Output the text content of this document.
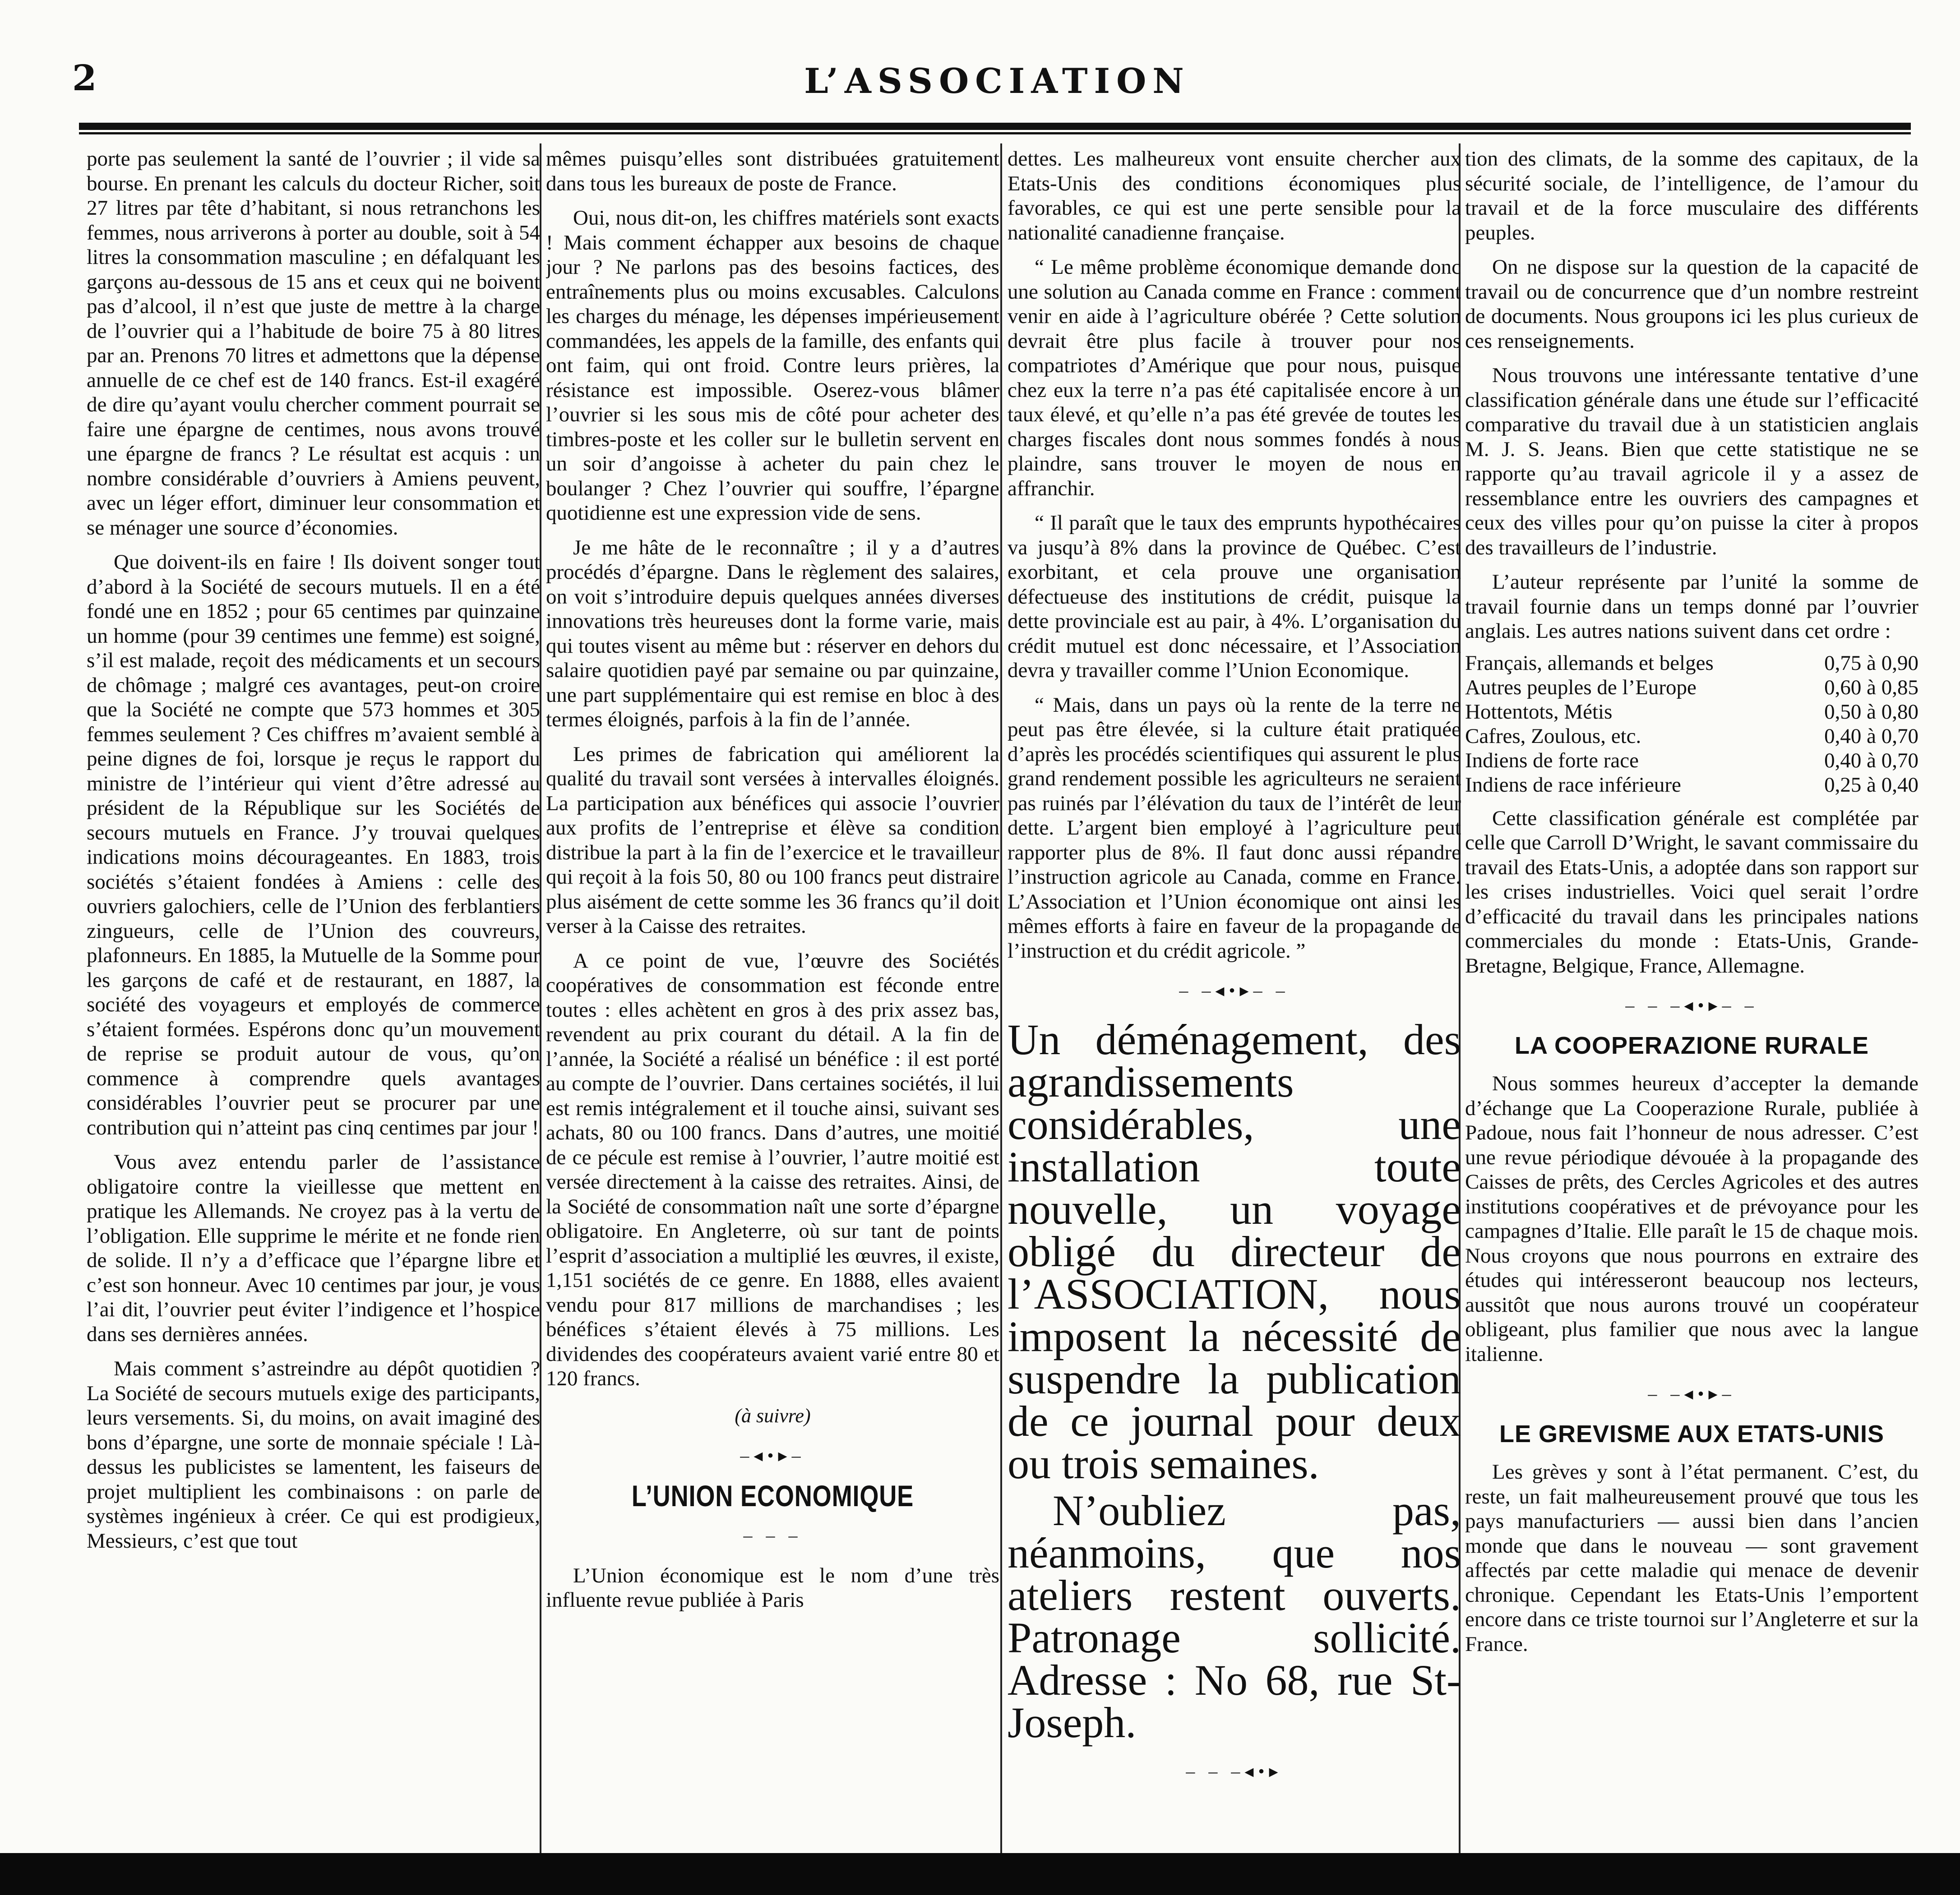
2	L’ASSOCIATION

porte pas seulement la santé de l’ouvrier ; il vide sa bourse. En prenant les calculs du docteur Richer, soit 27 litres par tête d’habitant, si nous retranchons les femmes, nous arriverons à porter au double, soit à 54 litres la consommation masculine ; en défalquant les garçons au-dessous de 15 ans et ceux qui ne boivent pas d’alcool, il n’est que juste de mettre à la charge de l’ouvrier qui a l’habitude de boire 75 à 80 litres par an. Prenons 70 litres et admettons que la dépense annuelle de ce chef est de 140 francs. Est-il exagéré de dire qu’ayant voulu chercher comment pourrait se faire une épargne de centimes, nous avons trouvé une épargne de francs ? Le résultat est acquis : un nombre considérable d’ouvriers à Amiens peuvent, avec un léger effort, diminuer leur consommation et se ménager une source d’économies.

Que doivent-ils en faire ! Ils doivent songer tout d’abord à la Société de secours mutuels. Il en a été fondé une en 1852 ; pour 65 centimes par quinzaine un homme (pour 39 centimes une femme) est soigné, s’il est malade, reçoit des médicaments et un secours de chômage ; malgré ces avantages, peut-on croire que la Société ne compte que 573 hommes et 305 femmes seulement ? Ces chiffres m’avaient semblé à peine dignes de foi, lorsque je reçus le rapport du ministre de l’intérieur qui vient d’être adressé au président de la République sur les Sociétés de secours mutuels en France. J’y trouvai quelques indications moins décourageantes. En 1883, trois sociétés s’étaient fondées à Amiens : celle des ouvriers galochiers, celle de l’Union des ferblantiers zingueurs, celle de l’Union des couvreurs, plafonneurs. En 1885, la Mutuelle de la Somme pour les garçons de café et de restaurant, en 1887, la société des voyageurs et employés de commerce s’étaient formées. Espérons donc qu’un mouvement de reprise se produit autour de vous, qu’on commence à comprendre quels avantages considérables l’ouvrier peut se procurer par une contribution qui n’atteint pas cinq centimes par jour !

Vous avez entendu parler de l’assistance obligatoire contre la vieillesse que mettent en pratique les Allemands. Ne croyez pas à la vertu de l’obligation. Elle supprime le mérite et ne fonde rien de solide. Il n’y a d’efficace que l’épargne libre et c’est son honneur. Avec 10 centimes par jour, je vous l’ai dit, l’ouvrier peut éviter l’indigence et l’hospice dans ses dernières années.

Mais comment s’astreindre au dépôt quotidien ? La Société de secours mutuels exige des participants, leurs versements. Si, du moins, on avait imaginé des bons d’épargne, une sorte de monnaie spéciale ! Là-dessus les publicistes se lamentent, les faiseurs de projet multiplient les combinaisons : on parle de systèmes ingénieux à créer. Ce qui est prodigieux, Messieurs, c’est que tout

mêmes puisqu’elles sont distribuées gratuitement dans tous les bureaux de poste de France.

Oui, nous dit-on, les chiffres matériels sont exacts ! Mais comment échapper aux besoins de chaque jour ? Ne parlons pas des besoins factices, des entraînements plus ou moins excusables. Calculons les charges du ménage, les dépenses impérieusement commandées, les appels de la famille, des enfants qui ont faim, qui ont froid. Contre leurs prières, la résistance est impossible. Oserez-vous blâmer l’ouvrier si les sous mis de côté pour acheter des timbres-poste et les coller sur le bulletin servent en un soir d’angoisse à acheter du pain chez le boulanger ? Chez l’ouvrier qui souffre, l’épargne quotidienne est une expression vide de sens.

Je me hâte de le reconnaître ; il y a d’autres procédés d’épargne. Dans le règlement des salaires, on voit s’introduire depuis quelques années diverses innovations très heureuses dont la forme varie, mais qui toutes visent au même but : réserver en dehors du salaire quotidien payé par semaine ou par quinzaine, une part supplémentaire qui est remise en bloc à des termes éloignés, parfois à la fin de l’année.

Les primes de fabrication qui améliorent la qualité du travail sont versées à intervalles éloignés. La participation aux bénéfices qui associe l’ouvrier aux profits de l’entreprise et élève sa condition distribue la part à la fin de l’exercice et le travailleur qui reçoit à la fois 50, 80 ou 100 francs peut distraire plus aisément de cette somme les 36 francs qu’il doit verser à la Caisse des retraites.

A ce point de vue, l’œuvre des Sociétés coopératives de consommation est féconde entre toutes : elles achètent en gros à des prix assez bas, revendent au prix courant du détail. A la fin de l’année, la Société a réalisé un bénéfice : il est porté au compte de l’ouvrier. Dans certaines sociétés, il lui est remis intégralement et il touche ainsi, suivant ses achats, 80 ou 100 francs. Dans d’autres, une moitié de ce pécule est remise à l’ouvrier, l’autre moitié est versée directement à la caisse des retraites. Ainsi, de la Société de consommation naît une sorte d’épargne obligatoire. En Angleterre, où sur tant de points l’esprit d’association a multiplié les œuvres, il existe, 1,151 sociétés de ce genre. En 1888, elles avaient vendu pour 817 millions de marchandises ; les bénéfices s’étaient élevés à 75 millions. Les dividendes des coopérateurs avaient varié entre 80 et 120 francs.

(à suivre)
–◂•▸–
L’UNION ECONOMIQUE
– – –

L’Union économique est le nom d’une très influente revue publiée à Paris

dettes. Les malheureux vont ensuite chercher aux Etats-Unis des conditions économiques plus favorables, ce qui est une perte sensible pour la nationalité canadienne française.

“ Le même problème économique demande donc une solution au Canada comme en France : comment venir en aide à l’agriculture obérée ? Cette solution devrait être plus facile à trouver pour nos compatriotes d’Amérique que pour nous, puisque chez eux la terre n’a pas été capitalisée encore à un taux élevé, et qu’elle n’a pas été grevée de toutes les charges fiscales dont nous sommes fondés à nous plaindre, sans trouver le moyen de nous en affranchir.

“ Il paraît que le taux des emprunts hypothécaires va jusqu’à 8% dans la province de Québec. C’est exorbitant, et cela prouve une organisation défectueuse des institutions de crédit, puisque la dette provinciale est au pair, à 4%. L’organisation du crédit mutuel est donc nécessaire, et l’Association devra y travailler comme l’Union Economique.

“ Mais, dans un pays où la rente de la terre ne peut pas être élevée, si la culture était pratiquée d’après les procédés scientifiques qui assurent le plus grand rendement possible les agriculteurs ne seraient pas ruinés par l’élévation du taux de l’intérêt de leur dette. L’argent bien employé à l’agriculture peut rapporter plus de 8%. Il faut donc aussi répandre l’instruction agricole au Canada, comme en France. L’Association et l’Union économique ont ainsi les mêmes efforts à faire en faveur de la propagande de l’instruction et du crédit agricole. ”

– –◂•▸– –

Un déménagement, des agrandissements considérables, une installation toute nouvelle, un voyage obligé du directeur de l’ASSOCIATION, nous imposent la nécessité de suspendre la publication de ce journal pour deux ou trois semaines.

N’oubliez pas, néanmoins, que nos ateliers restent ouverts. Patronage sollicité. Adresse : No 68, rue St-Joseph.

– – –◂•▸

tion des climats, de la somme des capitaux, de la sécurité sociale, de l’intelligence, de l’amour du travail et de la force musculaire des différents peuples.

On ne dispose sur la question de la capacité de travail ou de concurrence que d’un nombre restreint de documents. Nous groupons ici les plus curieux de ces renseignements.

Nous trouvons une intéressante tentative d’une classification générale dans une étude sur l’efficacité comparative du travail due à un statisticien anglais M. J. S. Jeans. Bien que cette statistique ne se rapporte qu’au travail agricole il y a assez de ressemblance entre les ouvriers des campagnes et ceux des villes pour qu’on puisse la citer à propos des travailleurs de l’industrie.

L’auteur représente par l’unité la somme de travail fournie dans un temps donné par l’ouvrier anglais. Les autres nations suivent dans cet ordre :

Français, allemands et belges	0,75 à 0,90
Autres peuples de l’Europe	0,60 à 0,85
Hottentots, Métis	0,50 à 0,80
Cafres, Zoulous, etc.	0,40 à 0,70
Indiens de forte race	0,40 à 0,70
Indiens de race inférieure	0,25 à 0,40

Cette classification générale est complétée par celle que Carroll D’Wright, le savant commissaire du travail des Etats-Unis, a adoptée dans son rapport sur les crises industrielles. Voici quel serait l’ordre d’efficacité du travail dans les principales nations commerciales du monde : Etats-Unis, Grande-Bretagne, Belgique, France, Allemagne.

– – –◂•▸– –
LA COOPERAZIONE RURALE

Nous sommes heureux d’accepter la demande d’échange que La Cooperazione Rurale, publiée à Padoue, nous fait l’honneur de nous adresser. C’est une revue périodique dévouée à la propagande des Caisses de prêts, des Cercles Agricoles et des autres institutions coopératives et de prévoyance pour les campagnes d’Italie. Elle paraît le 15 de chaque mois. Nous croyons que nous pourrons en extraire des études qui intéresseront beaucoup nos lecteurs, aussitôt que nous aurons trouvé un coopérateur obligeant, plus familier que nous avec la langue italienne.

– –◂•▸–
LE GREVISME AUX ETATS-UNIS

Les grèves y sont à l’état permanent. C’est, du reste, un fait malheureusement prouvé que tous les pays manufacturiers — aussi bien dans l’ancien monde que dans le nouveau — sont gravement affectés par cette maladie qui menace de devenir chronique. Cependant les Etats-Unis l’emportent encore dans ce triste tournoi sur l’Angleterre et sur la France.
